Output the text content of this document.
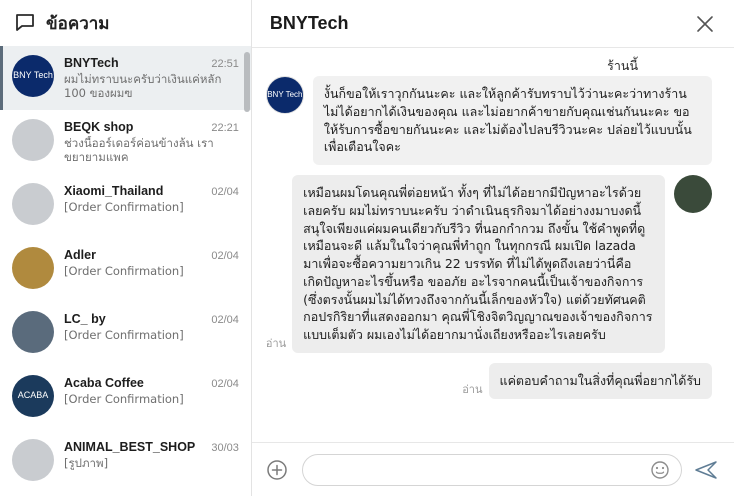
ข้อความ
BNY Tech
BNYTech	22:51
ผมไม่ทราบนะครับว่าเงินแค่หลัก 100 ของผมฃ
BEQK shop	22:21
ช่วงนี้ออร์เดอร์ค่อนข้างล้น เราขยายามแพค
Xiaomi_Thailand	02/04
[Order Confirmation]
Adler	02/04
[Order Confirmation]
LC_ by	02/04
[Order Confirmation]
ACABA
Acaba Coffee	02/04
[Order Confirmation]
ANIMAL_BEST_SHOP 30/03
[รูปภาพ]
BNYTech
ร้านนี้
BNY Tech	งั้นก็ขอให้เราวุกกันนะคะ และให้ลูกค้ารับทราบไว้ว่านะคะว่าทางร้านไม่ได้อยากได้เงินของคุณ และไม่อยากค้าขายกับคุณเช่นกันนะคะ ขอให้ร้บการซื้อขายกันนะคะ และไม่ต้องไปลบรีวิวนะคะ ปล่อยไว้แบบนั้น เพื่อเตือนใจคะ
อ่าน
เหมือนผมโดนคุณพี่ต่อยหน้า ทั้งๆ ที่ไม่ได้อยากมีปัญหาอะไรด้วยเลยครับ ผมไม่ทราบนะครับ ว่าดำเนินธุรกิจมาได้อย่างงมาบงดนี้ สนุใจเพียงแค่ผมคนเดียวกับรีวิว ที่นอกกำกวม ถึงขั้น ใช้คำพูดที่ดูเหมือนจะดี แล้มในใจว่าคุณพี่ทำถูก ในทุกกรณี ผมเปิด lazada มาเพื่อจะซื้อความยาวเกิน 22 บรรทัด ที่ไม่ได้พูดถึงเลยว่านี่คือ เกิดปัญหาอะไรขึ้นหรือ ขออภัย อะไรจากคนนี้เป็นเจ้าของกิจการ (ซึ่งตรงนั้นผมไม่ได้ทวงถึงจากกันนี้เล็กของหัวใจ) แต่ด้วยทัศนคติ กอปรกิริยาที่แสดงออกมา คุณพี่โชิงจิตวิญญาณของเจ้าของกิจการแบบเต็มตัว ผมเองไม่ได้อยากมานั่งเถียงหรืออะไรเลยครับ
อ่าน
แค่ตอบคำถามในสิ่งที่คุณพี่อยากได้รับ
